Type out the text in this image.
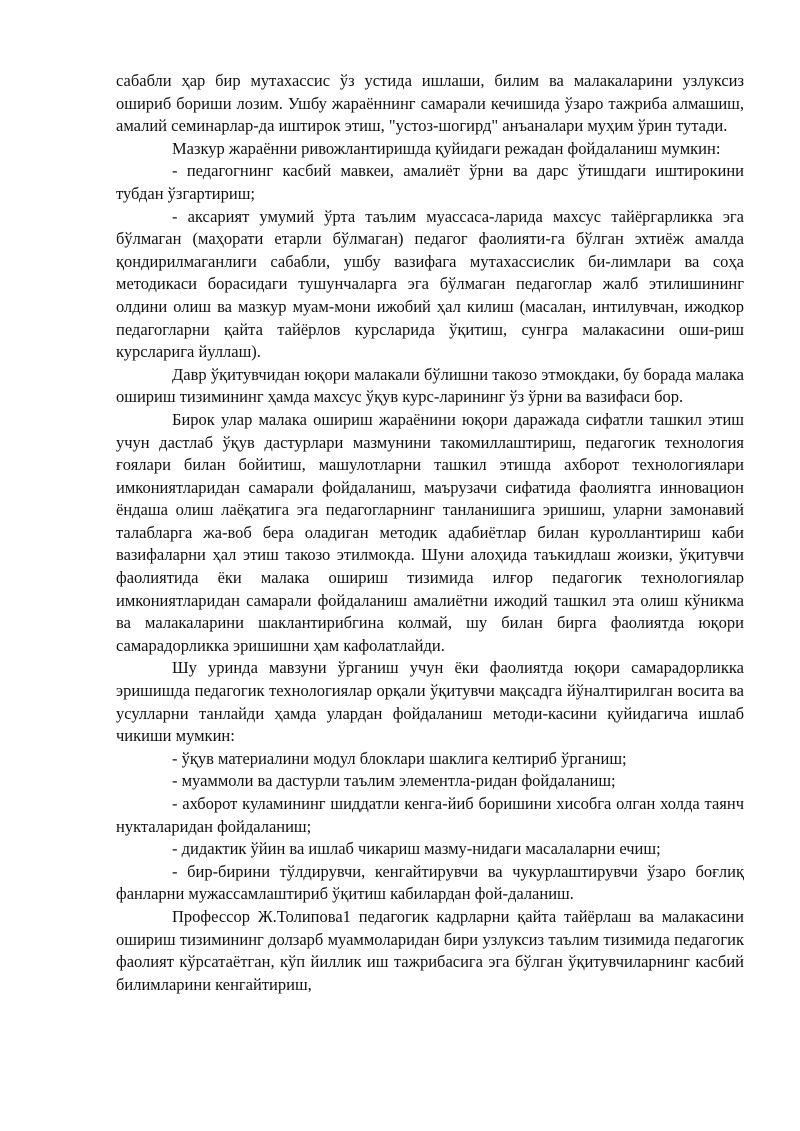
сабабли ҳар бир мутахассис ўз устида ишлаши, билим ва малакаларини узлуксиз ошириб бориши лозим. Ушбу жараённинг самарали кечишида ўзаро тажриба алмашиш, амалий семинарлар-да иштирок этиш, "устоз-шогирд" анъаналари муҳим ўрин тутади.

Мазкур жараённи ривожлантиришда қуйидаги режадан фойдаланиш мумкин:

- педагогнинг касбий мавкеи, амалиёт ўрни ва дарс ўтишдаги иштирокини тубдан ўзгартириш;

- аксарият умумий ўрта таълим муассаса-ларида махсус тайёргарликка эга бўлмаган (маҳорати етарли бўлмаган) педагог фаолияти-га бўлган эхтиёж амалда қондирилмаганлиги сабабли, ушбу вазифага мутахассислик би-лимлари ва соҳа методикаси борасидаги тушунчаларга эга бўлмаган педагоглар жалб этилишининг олдини олиш ва мазкур муам-мони ижобий ҳал килиш (масалан, интилувчан, ижодкор педагогларни қайта тайёрлов курсларида ўқитиш, сунгра малакасини оши-риш курсларига йуллаш).

Давр ўқитувчидан юқори малакали бўлишни такозо этмокдаки, бу борада малака ошириш тизимининг ҳамда махсус ўқув курс-ларининг ўз ўрни ва вазифаси бор.

Бирок улар малака ошириш жараёнини юқори даражада сифатли ташкил этиш учун дастлаб ўқув дастурлари мазмунини такомиллаштириш, педагогик технология ғоялари билан бойитиш, машулотларни ташкил этишда ахборот технологиялари имкониятларидан самарали фойдаланиш, маърузачи сифатида фаолиятга инновацион ёндаша олиш лаёқатига эга педагогларнинг танланишига эришиш, уларни замонавий талабларга жа-воб бера оладиган методик адабиётлар билан куроллантириш каби вазифаларни ҳал этиш такозо этилмокда. Шуни алоҳида таъкидлаш жоизки, ўқитувчи фаолиятида ёки малака ошириш тизимида илғор педагогик технологиялар имкониятларидан самарали фойдаланиш амалиётни ижодий ташкил эта олиш кўникма ва малакаларини шаклантирибгина колмай, шу билан бирга фаолиятда юқори самарадорликка эришишни ҳам кафолатлайди.

Шу уринда мавзуни ўрганиш учун ёки фаолиятда юқори самарадорликка эришишда педагогик технологиялар орқали ўқитувчи мақсадга йўналтирилган восита ва усулларни танлайди ҳамда улардан фойдаланиш методи-касини қуйидагича ишлаб чикиши мумкин:

- ўқув материалини модул блоклари шаклига келтириб ўрганиш;

- муаммоли ва дастурли таълим элементла-ридан фойдаланиш;

- ахборот куламининг шиддатли кенга-йиб боришини хисобга олган холда таянч нукталаридан фойдаланиш;

- дидактик ўйин ва ишлаб чикариш мазму-нидаги масалаларни ечиш;

- бир-бирини тўлдирувчи, кенгайтирувчи ва чукурлаштирувчи ўзаро боғлиқ фанларни мужассамлаштириб ўқитиш кабилардан фой-даланиш.

Профессор Ж.Толипова1 педагогик кадрларни қайта тайёрлаш ва малакасини ошириш тизимининг долзарб муаммоларидан бири узлуксиз таълим тизимида педагогик фаолият кўрсатаётган, кўп йиллик иш тажрибасига эга бўлган ўқитувчиларнинг касбий билимларини кенгайтириш,
